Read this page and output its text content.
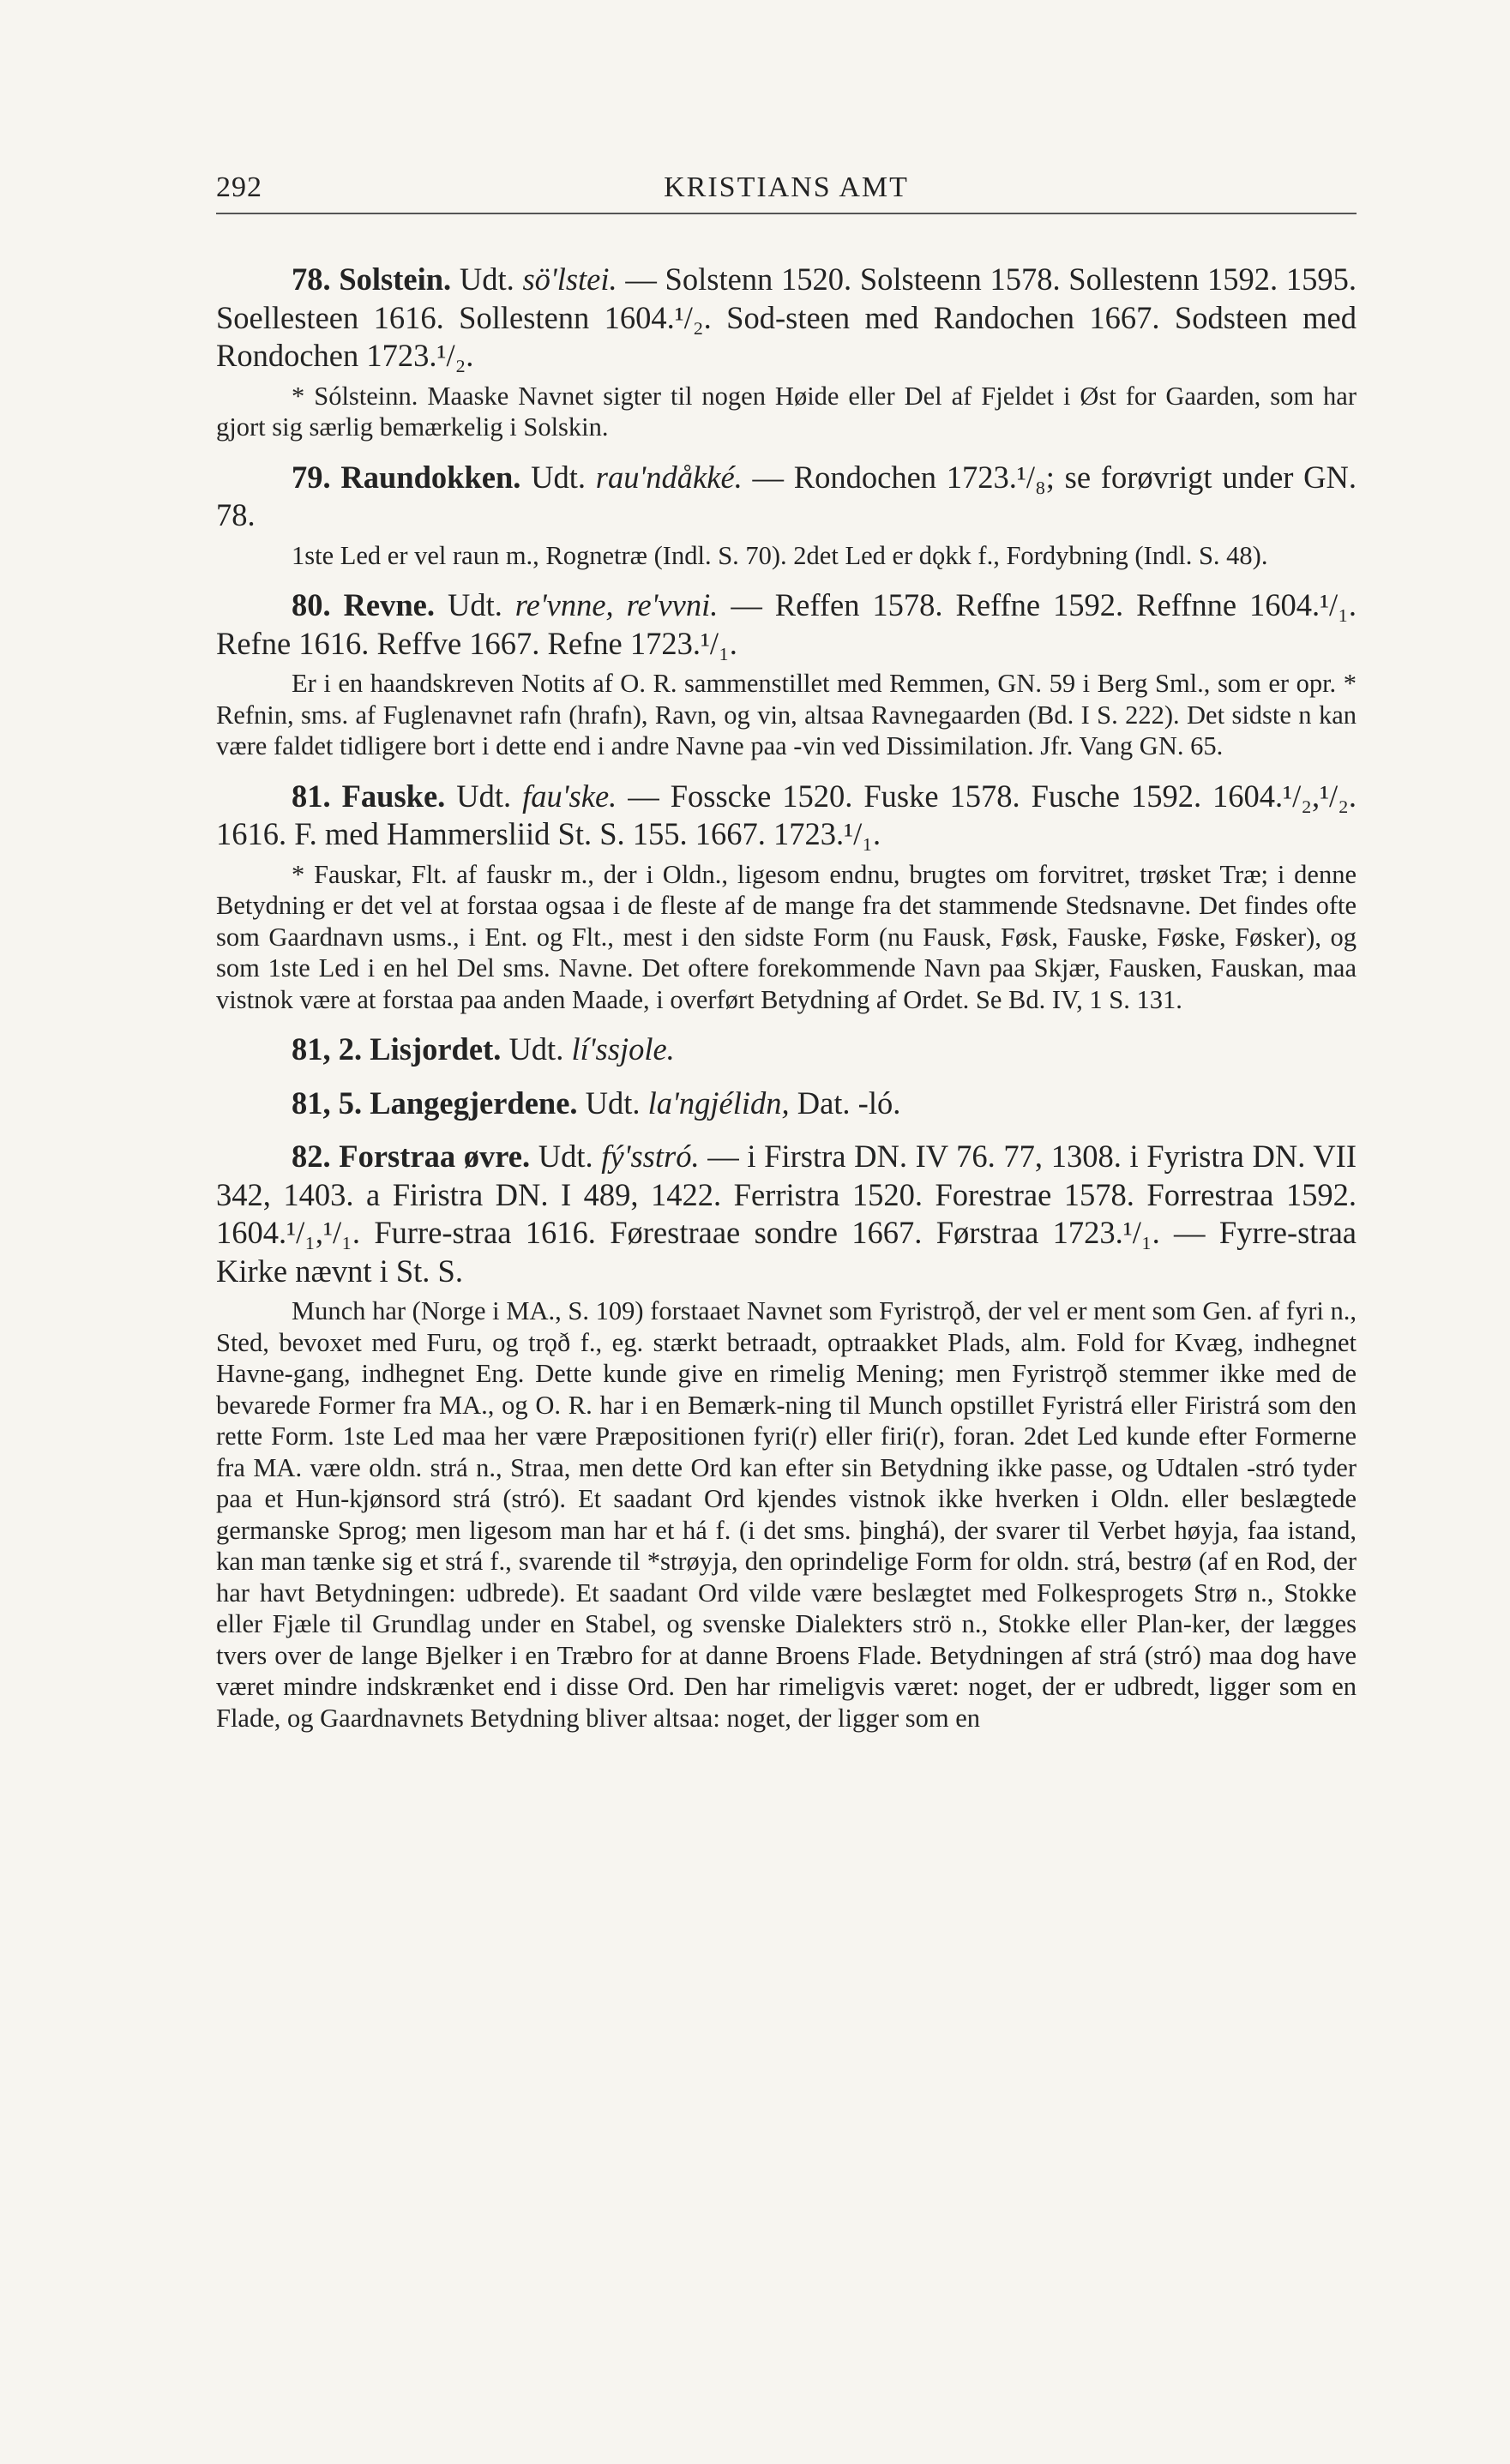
292	KRISTIANS AMT

78. Solstein. Udt. sö'lstei. — Solstenn 1520. Solsteenn 1578. Sollestenn 1592. 1595. Soellesteen 1616. Sollestenn 1604.¹/₂. Sod-steen med Randochen 1667. Sodsteen med Rondochen 1723.¹/₂.

* Sólsteinn. Maaske Navnet sigter til nogen Høide eller Del af Fjeldet i Øst for Gaarden, som har gjort sig særlig bemærkelig i Solskin.

79. Raundokken. Udt. rau'ndåkké. — Rondochen 1723.¹/₈; se forøvrigt under GN. 78.

1ste Led er vel raun m., Rognetræ (Indl. S. 70). 2det Led er dǫkk f., Fordybning (Indl. S. 48).

80. Revne. Udt. re'vnne, re'vvni. — Reffen 1578. Reffne 1592. Reffnne 1604.¹/₁. Refne 1616. Reffve 1667. Refne 1723.¹/₁.

Er i en haandskreven Notits af O. R. sammenstillet med Remmen, GN. 59 i Berg Sml., som er opr. * Refnin, sms. af Fuglenavnet rafn (hrafn), Ravn, og vin, altsaa Ravnegaarden (Bd. I S. 222). Det sidste n kan være faldet tidligere bort i dette end i andre Navne paa -vin ved Dissimilation. Jfr. Vang GN. 65.

81. Fauske. Udt. fau'ske. — Fosscke 1520. Fuske 1578. Fusche 1592. 1604.¹/₂,¹/₂. 1616. F. med Hammersliid St. S. 155. 1667. 1723.¹/₁.

* Fauskar, Flt. af fauskr m., der i Oldn., ligesom endnu, brugtes om forvitret, trøsket Træ; i denne Betydning er det vel at forstaa ogsaa i de fleste af de mange fra det stammende Stedsnavne. Det findes ofte som Gaardnavn usms., i Ent. og Flt., mest i den sidste Form (nu Fausk, Føsk, Fauske, Føske, Føsker), og som 1ste Led i en hel Del sms. Navne. Det oftere forekommende Navn paa Skjær, Fausken, Fauskan, maa vistnok være at forstaa paa anden Maade, i overført Betydning af Ordet. Se Bd. IV, 1 S. 131.

81, 2. Lisjordet. Udt. lí'ssjole.

81, 5. Langegjerdene. Udt. la'ngjélidn, Dat. -ló.

82. Forstraa øvre. Udt. fý'sstró. — i Firstra DN. IV 76. 77, 1308. i Fyristra DN. VII 342, 1403. a Firistra DN. I 489, 1422. Ferristra 1520. Forestrae 1578. Forrestraa 1592. 1604.¹/₁,¹/₁. Furre-straa 1616. Førestraae sondre 1667. Førstraa 1723.¹/₁. — Fyrre-straa Kirke nævnt i St. S.

Munch har (Norge i MA., S. 109) forstaaet Navnet som Fyristrǫð, der vel er ment som Gen. af fyri n., Sted, bevoxet med Furu, og trǫð f., eg. stærkt betraadt, optraakket Plads, alm. Fold for Kvæg, indhegnet Havne-gang, indhegnet Eng. Dette kunde give en rimelig Mening; men Fyristrǫð stemmer ikke med de bevarede Former fra MA., og O. R. har i en Bemærk-ning til Munch opstillet Fyristrá eller Firistrá som den rette Form. 1ste Led maa her være Præpositionen fyri(r) eller firi(r), foran. 2det Led kunde efter Formerne fra MA. være oldn. strá n., Straa, men dette Ord kan efter sin Betydning ikke passe, og Udtalen -stró tyder paa et Hun-kjønsord strá (stró). Et saadant Ord kjendes vistnok ikke hverken i Oldn. eller beslægtede germanske Sprog; men ligesom man har et há f. (i det sms. þinghá), der svarer til Verbet høyja, faa istand, kan man tænke sig et strá f., svarende til *strøyja, den oprindelige Form for oldn. strá, bestrø (af en Rod, der har havt Betydningen: udbrede). Et saadant Ord vilde være beslægtet med Folkesprogets Strø n., Stokke eller Fjæle til Grundlag under en Stabel, og svenske Dialekters strö n., Stokke eller Plan-ker, der lægges tvers over de lange Bjelker i en Træbro for at danne Broens Flade. Betydningen af strá (stró) maa dog have været mindre indskrænket end i disse Ord. Den har rimeligvis været: noget, der er udbredt, ligger som en Flade, og Gaardnavnets Betydning bliver altsaa: noget, der ligger som en
